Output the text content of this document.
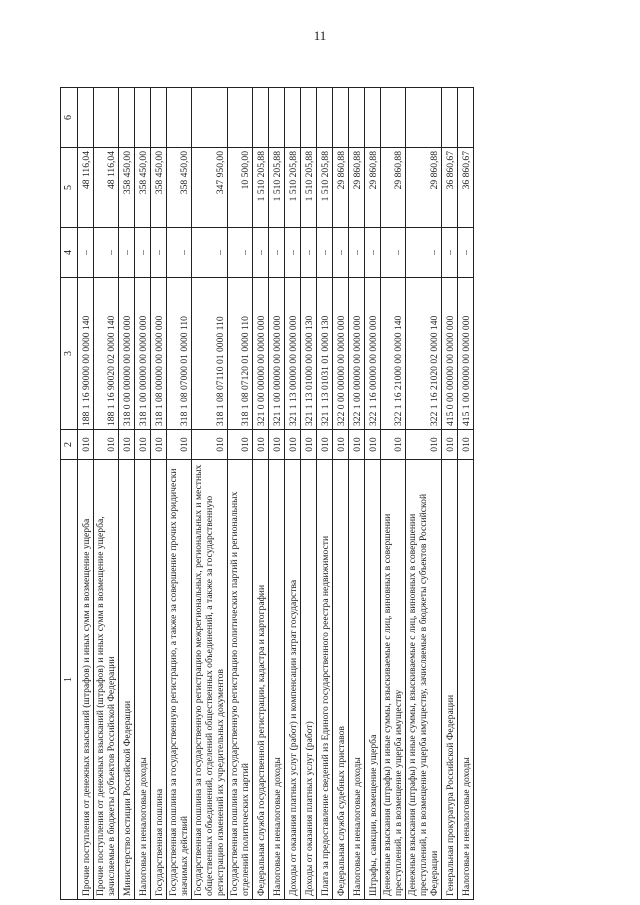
11
1	2	3	4	5	6
Прочие поступления от денежных взысканий (штрафов) и иных сумм в возмещение ущерба	010	188 1 16 90000 00 0000 140	–	48 116,04	
Прочие поступления от денежных взысканий (штрафов) и иных сумм в возмещение ущерба, зачисляемые в бюджеты субъектов Российской Федерации	010	188 1 16 90020 02 0000 140	–	48 116,04	
Министерство юстиции Российской Федерации	010	318 0 00 00000 00 0000 000	–	358 450,00	
Налоговые и неналоговые доходы	010	318 1 00 00000 00 0000 000	–	358 450,00	
Государственная пошлина	010	318 1 08 00000 00 0000 000	–	358 450,00	
Государственная пошлина за государственную регистрацию, а также за совершение прочих юридически значимых действий	010	318 1 08 07000 01 0000 110	–	358 450,00	
Государственная пошлина за государственную регистрацию межрегиональных, региональных и местных общественных объединений, отделений общественных объединений, а также за государственную регистрацию изменений их учредительных документов	010	318 1 08 07110 01 0000 110	–	347 950,00	
Государственная пошлина за государственную регистрацию политических партий и региональных отделений политических партий	010	318 1 08 07120 01 0000 110	–	10 500,00	
Федеральная служба государственной регистрации, кадастра и картографии	010	321 0 00 00000 00 0000 000	–	1 510 205,88	
Налоговые и неналоговые доходы	010	321 1 00 00000 00 0000 000	–	1 510 205,88	
Доходы от оказания платных услуг (работ) и компенсации затрат государства	010	321 1 13 00000 00 0000 000	–	1 510 205,88	
Доходы от оказания платных услуг (работ)	010	321 1 13 01000 00 0000 130	–	1 510 205,88	
Плата за предоставление сведений из Единого государственного реестра недвижимости	010	321 1 13 01031 01 0000 130	–	1 510 205,88	
Федеральная служба судебных приставов	010	322 0 00 00000 00 0000 000	–	29 860,88	
Налоговые и неналоговые доходы	010	322 1 00 00000 00 0000 000	–	29 860,88	
Штрафы, санкции, возмещение ущерба	010	322 1 16 00000 00 0000 000	–	29 860,88	
Денежные взыскания (штрафы) и иные суммы, взыскиваемые с лиц, виновных в совершении преступлений, и в возмещение ущерба имуществу	010	322 1 16 21000 00 0000 140	–	29 860,88	
Денежные взыскания (штрафы) и иные суммы, взыскиваемые с лиц, виновных в совершении преступлений, и в возмещение ущерба имуществу, зачисляемые в бюджеты субъектов Российской Федерации	010	322 1 16 21020 02 0000 140	–	29 860,88	
Генеральная прокуратура Российской Федерации	010	415 0 00 00000 00 0000 000	–	36 860,67	
Налоговые и неналоговые доходы	010	415 1 00 00000 00 0000 000	–	36 860,67	
